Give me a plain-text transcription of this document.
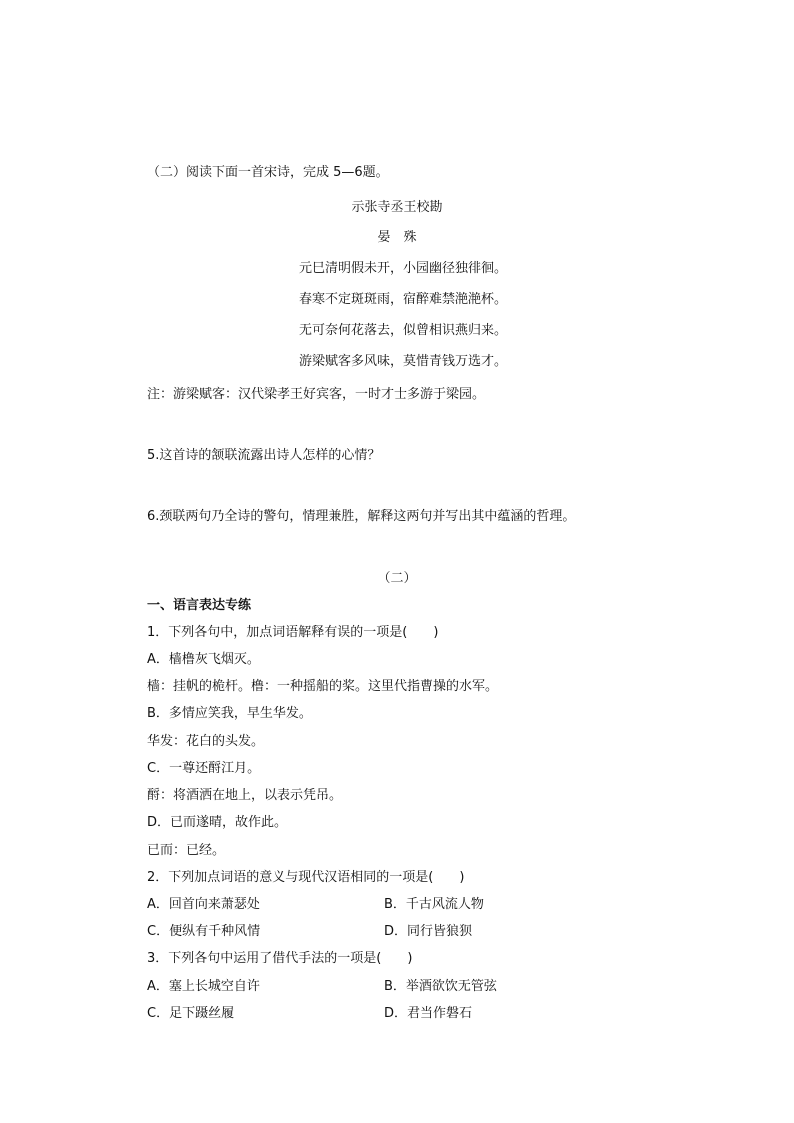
（二）阅读下面一首宋诗，完成 5—6题。
示张寺丞王校勘
晏　殊
元巳清明假未开，小园幽径独徘徊。
春寒不定斑斑雨，宿醉难禁滟滟杯。
无可奈何花落去，似曾相识燕归来。
游梁赋客多风味，莫惜青钱万选才。
注：游梁赋客：汉代梁孝王好宾客，一时才士多游于梁园。
5.这首诗的颔联流露出诗人怎样的心情？
6.颈联两句乃全诗的警句，情理兼胜，解释这两句并写出其中蕴涵的哲理。
（二）
一、语言表达专练
1．下列各句中，加点词语解释有误的一项是(　　)
A．樯橹灰飞烟灭。
樯：挂帆的桅杆。橹：一种摇船的桨。这里代指曹操的水军。
B．多情应笑我，早生华发。
华发：花白的头发。
C．一尊还酹江月。
酹：将酒洒在地上，以表示凭吊。
D．已而遂晴，故作此。
已而：已经。
2．下列加点词语的意义与现代汉语相同的一项是(　　)
A．回首向来萧瑟处	B．千古风流人物
C．便纵有千种风情	D．同行皆狼狈
3．下列各句中运用了借代手法的一项是(　　)
A．塞上长城空自许	B．举酒欲饮无管弦
C．足下蹑丝履	D．君当作磐石
